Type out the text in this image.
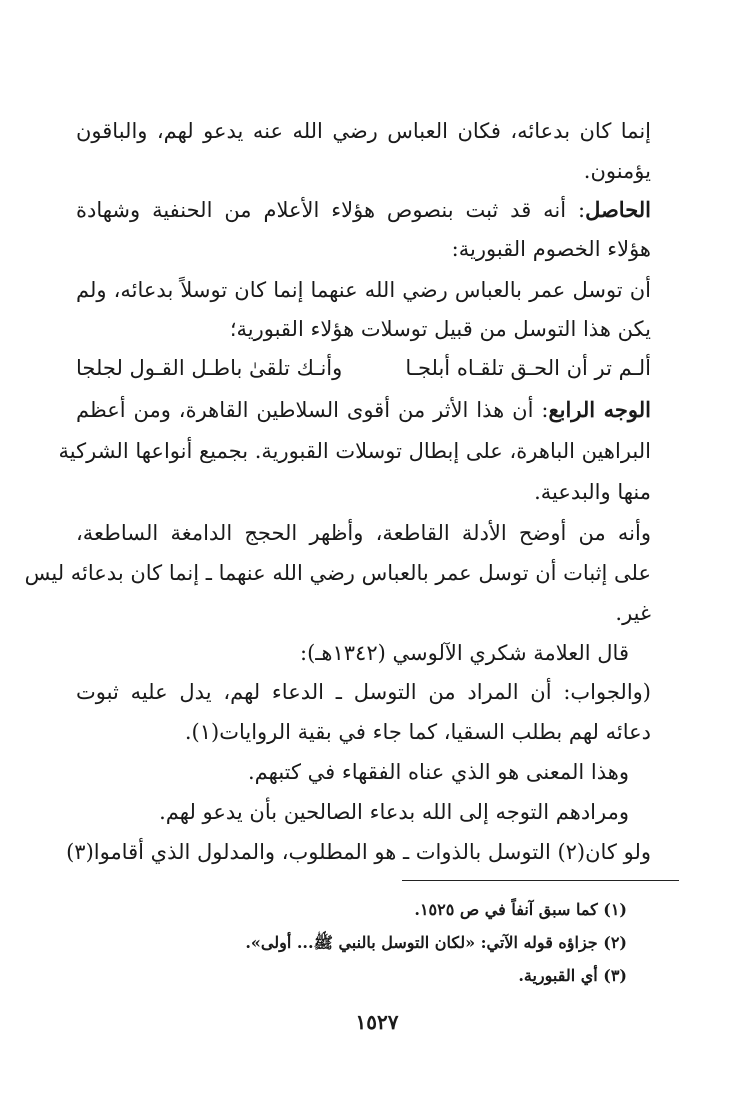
إنما كان بدعائه، فكان العباس رضي الله عنه يدعو لهم، والباقون
يؤمنون.
الحاصل: أنه قد ثبت بنصوص هؤلاء الأعلام من الحنفية وشهادة
هؤلاء الخصوم القبورية:
أن توسل عمر بالعباس رضي الله عنهما إنما كان توسلاً بدعائه، ولم
يكن هذا التوسل من قبيل توسلات هؤلاء القبورية؛
ألـم تر أن الحـق تلقـاه أبلجـا
وأنـك تلقىٰ باطـل القـول لجلجا
الوجه الرابع: أن هذا الأثر من أقوى السلاطين القاهرة، ومن أعظم
البراهين الباهرة، على إبطال توسلات القبورية. بجميع أنواعها الشركية
منها والبدعية.
وأنه من أوضح الأدلة القاطعة، وأظهر الحجج الدامغة الساطعة،
على إثبات أن توسل عمر بالعباس رضي الله عنهما ـ إنما كان بدعائه ليس
غير.
قال العلامة شكري الآلوسي (١٣٤٢هـ):
(والجواب: أن المراد من التوسل ـ الدعاء لهم، يدل عليه ثبوت
دعائه لهم بطلب السقيا، كما جاء في بقية الروايات(١).
وهذا المعنى هو الذي عناه الفقهاء في كتبهم.
ومرادهم التوجه إلى الله بدعاء الصالحين بأن يدعو لهم.
ولو كان(٢) التوسل بالذوات ـ هو المطلوب، والمدلول الذي أقاموا(٣)
(١) كما سبق آنفاً في ص ١٥٢٥.
(٢) جزاؤه قوله الآتي: «لكان التوسل بالنبي ﷺ... أولى».
(٣) أي القبورية.
١٥٢٧
